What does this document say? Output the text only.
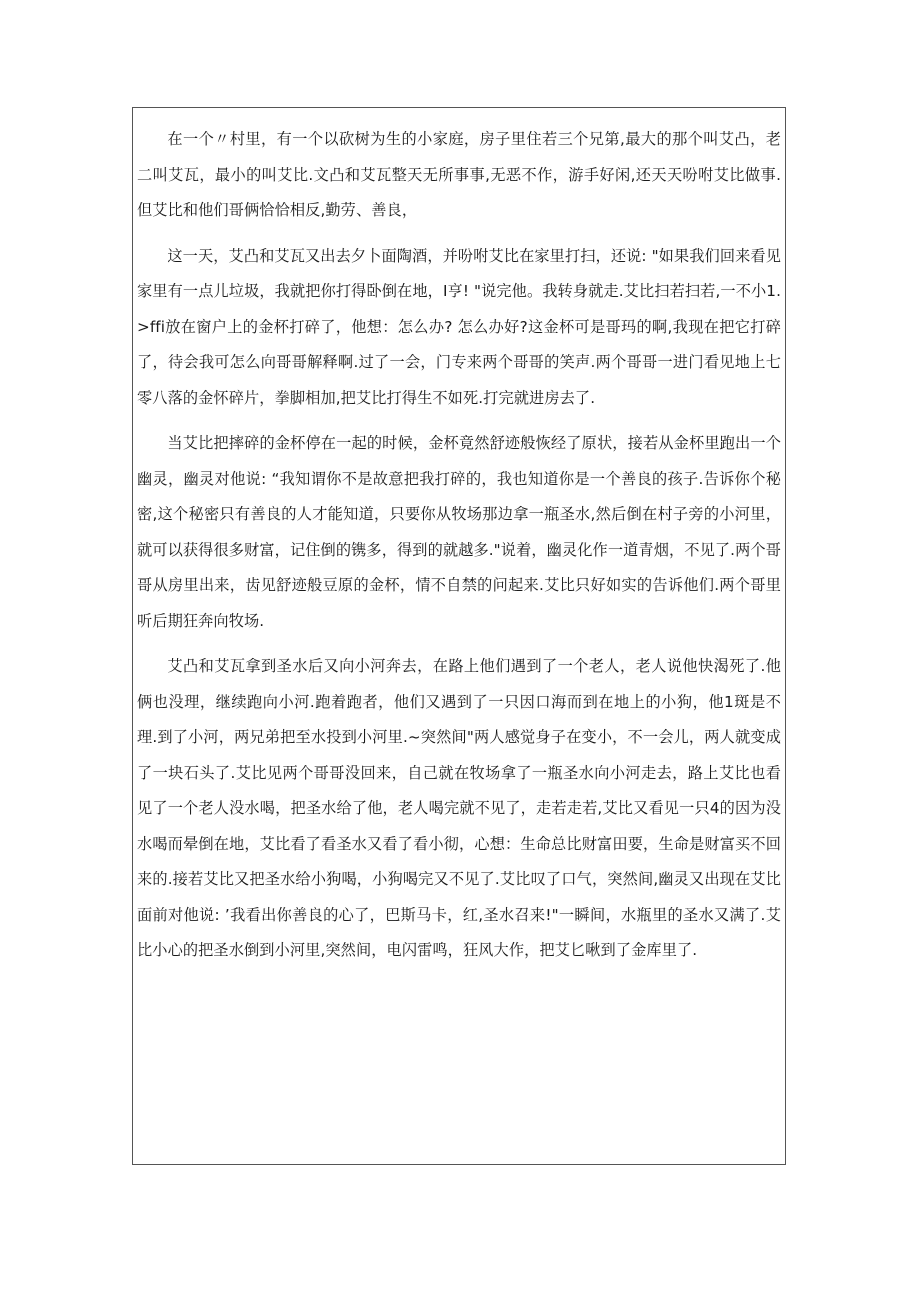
在一个〃村里，有一个以砍树为生的小家庭，房子里住若三个兄第,最大的那个叫艾凸，老二叫艾瓦，最小的叫艾比.文凸和艾瓦整天无所事事,无恶不作，游手好闲,还天天吩咐艾比做事.但艾比和他们哥俩恰恰相反,勤劳、善良，

这一天，艾凸和艾瓦又出去夕卜面陶酒，并吩咐艾比在家里打扫，还说: "如果我们回来看见家里有一点儿垃圾，我就把你打得卧倒在地，I亨! "说完他。我转身就走.艾比扫若扫若,一不小1.>ffi放在窗户上的金杯打碎了，他想：怎么办? 怎么办好?这金杯可是哥玛的啊,我现在把它打碎了，待会我可怎么向哥哥解释啊.过了一会，门专来两个哥哥的笑声.两个哥哥一进门看见地上七零八落的金怀碎片，拳脚相加,把艾比打得生不如死.打完就进房去了.

当艾比把摔碎的金杯停在一起的时候，金杯竟然舒迹般恢经了原状，接若从金杯里跑出一个幽灵，幽灵对他说: “我知谓你不是故意把我打碎的，我也知道你是一个善良的孩子.告诉你个秘密,这个秘密只有善良的人才能知道，只要你从牧场那边拿一瓶圣水,然后倒在村子旁的小河里，就可以获得很多财富，记住倒的镌多，得到的就越多."说着，幽灵化作一道青烟，不见了.两个哥哥从房里出来，齿见舒迹般豆原的金杯，情不自禁的问起来.艾比只好如实的告诉他们.两个哥里听后期狂奔向牧场.

艾凸和艾瓦拿到圣水后又向小河奔去，在路上他们遇到了一个老人，老人说他快渴死了.他俩也没理，继续跑向小河.跑着跑者，他们又遇到了一只因口海而到在地上的小狗，他1斑是不理.到了小河，两兄弟把至水投到小河里.~突然间"两人感觉身子在变小，不一会儿，两人就变成了一块石头了.艾比见两个哥哥没回来，自己就在牧场拿了一瓶圣水向小河走去，路上艾比也看见了一个老人没水喝，把圣水给了他，老人喝完就不见了，走若走若,艾比又看见一只4的因为没水喝而晕倒在地，艾比看了看圣水又看了看小彻，心想：生命总比财富田要，生命是财富买不回来的.接若艾比又把圣水给小狗喝，小狗喝完又不见了.艾比叹了口气，突然间,幽灵又出现在艾比面前对他说: ’我看出你善良的心了，巴斯马卡，红,圣水召来!"一瞬间，水瓶里的圣水又满了.艾比小心的把圣水倒到小河里,突然间，电闪雷鸣，狂风大作，把艾匕啾到了金库里了.
